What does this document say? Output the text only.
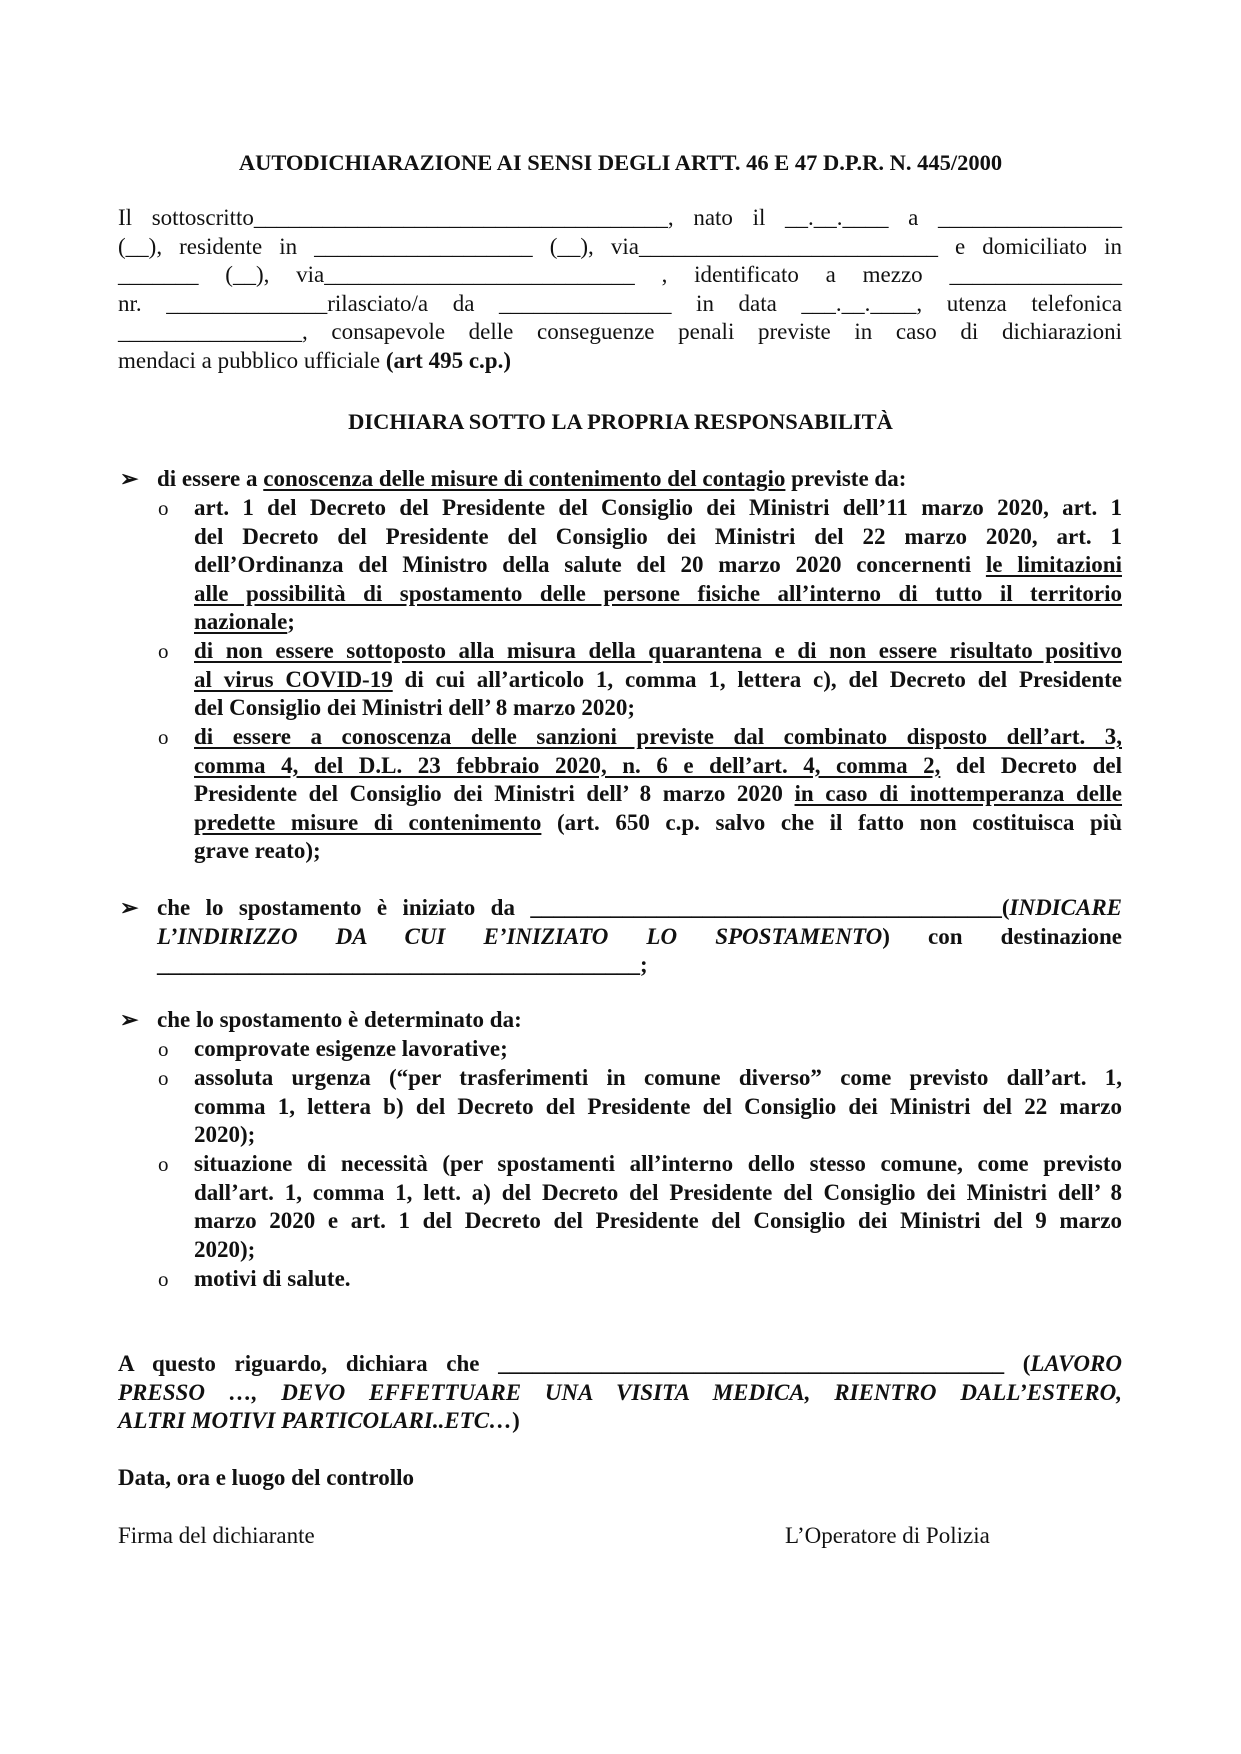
AUTODICHIARAZIONE AI SENSI DEGLI ARTT. 46 E 47 D.P.R. N. 445/2000
Il sottoscritto____________________________________, nato il __.__.____ a ________________
(__), residente in ___________________ (__), via__________________________ e domiciliato in
_______ (__), via___________________________ , identificato a mezzo _______________
nr. ______________rilasciato/a da _______________ in data ___.__.____, utenza telefonica
________________, consapevole delle conseguenze penali previste in caso di dichiarazioni
mendaci a pubblico ufficiale (art 495 c.p.)
DICHIARA SOTTO LA PROPRIA RESPONSABILITÀ
➢ di essere a conoscenza delle misure di contenimento del contagio previste da:
o art. 1 del Decreto del Presidente del Consiglio dei Ministri dell’11 marzo 2020, art. 1
del Decreto del Presidente del Consiglio dei Ministri del 22 marzo 2020, art. 1
dell’Ordinanza del Ministro della salute del 20 marzo 2020 concernenti le limitazioni
alle possibilità di spostamento delle persone fisiche all’interno di tutto il territorio
nazionale;
o di non essere sottoposto alla misura della quarantena e di non essere risultato positivo
al virus COVID-19 di cui all’articolo 1, comma 1, lettera c), del Decreto del Presidente
del Consiglio dei Ministri dell’ 8 marzo 2020;
o di essere a conoscenza delle sanzioni previste dal combinato disposto dell’art. 3,
comma 4, del D.L. 23 febbraio 2020, n. 6 e dell’art. 4, comma 2, del Decreto del
Presidente del Consiglio dei Ministri dell’ 8 marzo 2020 in caso di inottemperanza delle
predette misure di contenimento (art. 650 c.p. salvo che il fatto non costituisca più
grave reato);
➢ che lo spostamento è iniziato da _________________________________________(INDICARE
L’INDIRIZZO DA CUI E’INIZIATO LO SPOSTAMENTO) con destinazione
__________________________________________;
➢ che lo spostamento è determinato da:
o comprovate esigenze lavorative;
o assoluta urgenza (“per trasferimenti in comune diverso” come previsto dall’art. 1,
comma 1, lettera b) del Decreto del Presidente del Consiglio dei Ministri del 22 marzo
2020);
o situazione di necessità (per spostamenti all’interno dello stesso comune, come previsto
dall’art. 1, comma 1, lett. a) del Decreto del Presidente del Consiglio dei Ministri dell’ 8
marzo 2020 e art. 1 del Decreto del Presidente del Consiglio dei Ministri del 9 marzo
2020);
o motivi di salute.
A questo riguardo, dichiara che ____________________________________________ (LAVORO
PRESSO …, DEVO EFFETTUARE UNA VISITA MEDICA, RIENTRO DALL’ESTERO,
ALTRI MOTIVI PARTICOLARI..ETC…)
Data, ora e luogo del controllo
Firma del dichiarante	L’Operatore di Polizia
